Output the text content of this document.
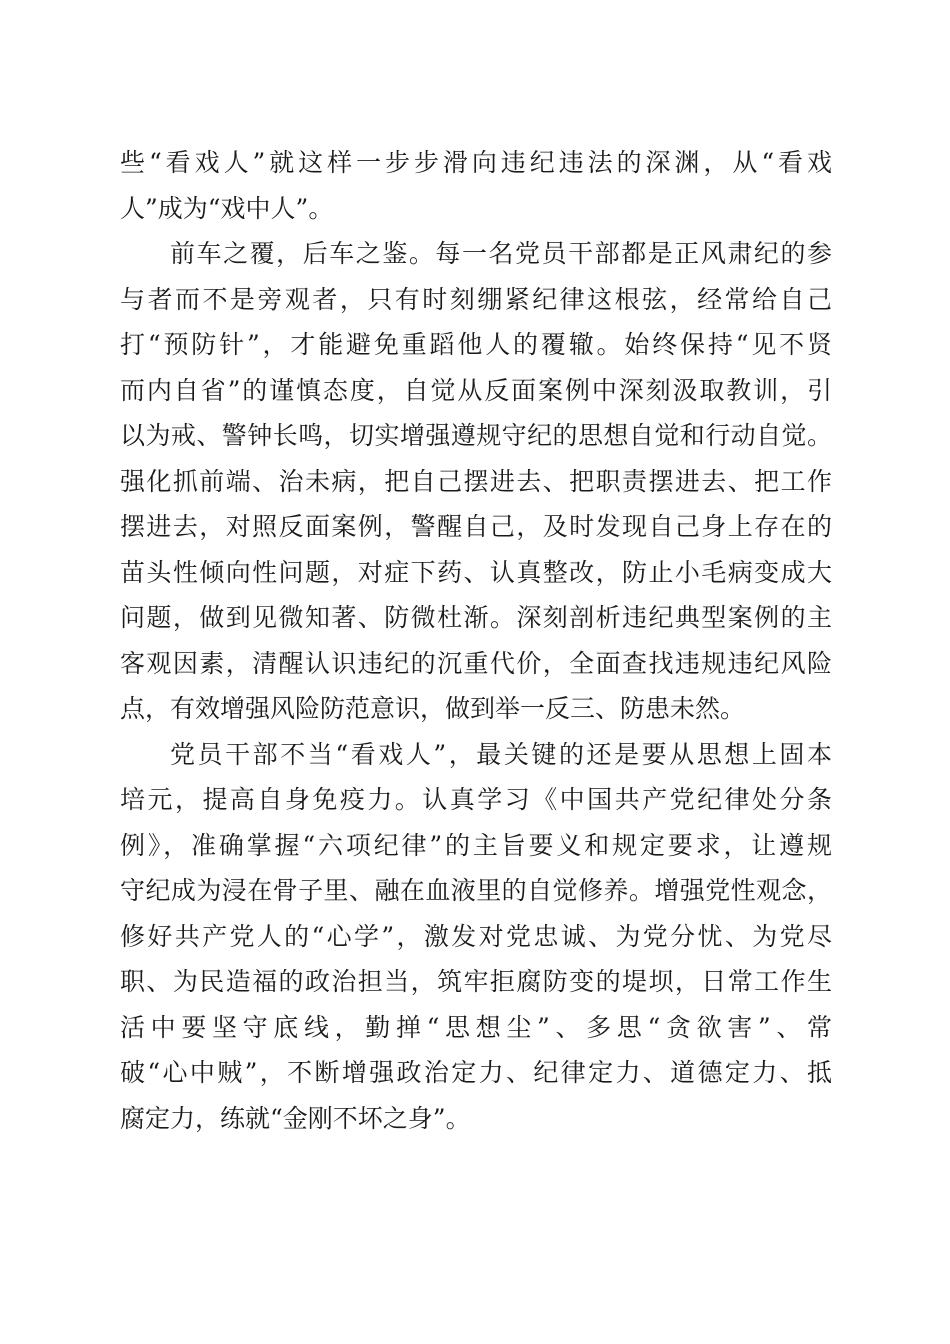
些“看戏人”就这样一步步滑向违纪违法的深渊，从“看戏
人”成为“戏中人”。
前车之覆，后车之鉴。每一名党员干部都是正风肃纪的参
与者而不是旁观者，只有时刻绷紧纪律这根弦，经常给自己
打“预防针”，才能避免重蹈他人的覆辙。始终保持“见不贤
而内自省”的谨慎态度，自觉从反面案例中深刻汲取教训，引
以为戒、警钟长鸣，切实增强遵规守纪的思想自觉和行动自觉。
强化抓前端、治未病，把自己摆进去、把职责摆进去、把工作
摆进去，对照反面案例，警醒自己，及时发现自己身上存在的
苗头性倾向性问题，对症下药、认真整改，防止小毛病变成大
问题，做到见微知著、防微杜渐。深刻剖析违纪典型案例的主
客观因素，清醒认识违纪的沉重代价，全面查找违规违纪风险
点，有效增强风险防范意识，做到举一反三、防患未然。
党员干部不当“看戏人”，最关键的还是要从思想上固本
培元，提高自身免疫力。认真学习《中国共产党纪律处分条
例》，准确掌握“六项纪律”的主旨要义和规定要求，让遵规
守纪成为浸在骨子里、融在血液里的自觉修养。增强党性观念，
修好共产党人的“心学”，激发对党忠诚、为党分忧、为党尽
职、为民造福的政治担当，筑牢拒腐防变的堤坝，日常工作生
活中要坚守底线，勤掸“思想尘”、多思“贪欲害”、常
破“心中贼”，不断增强政治定力、纪律定力、道德定力、抵
腐定力，练就“金刚不坏之身”。
